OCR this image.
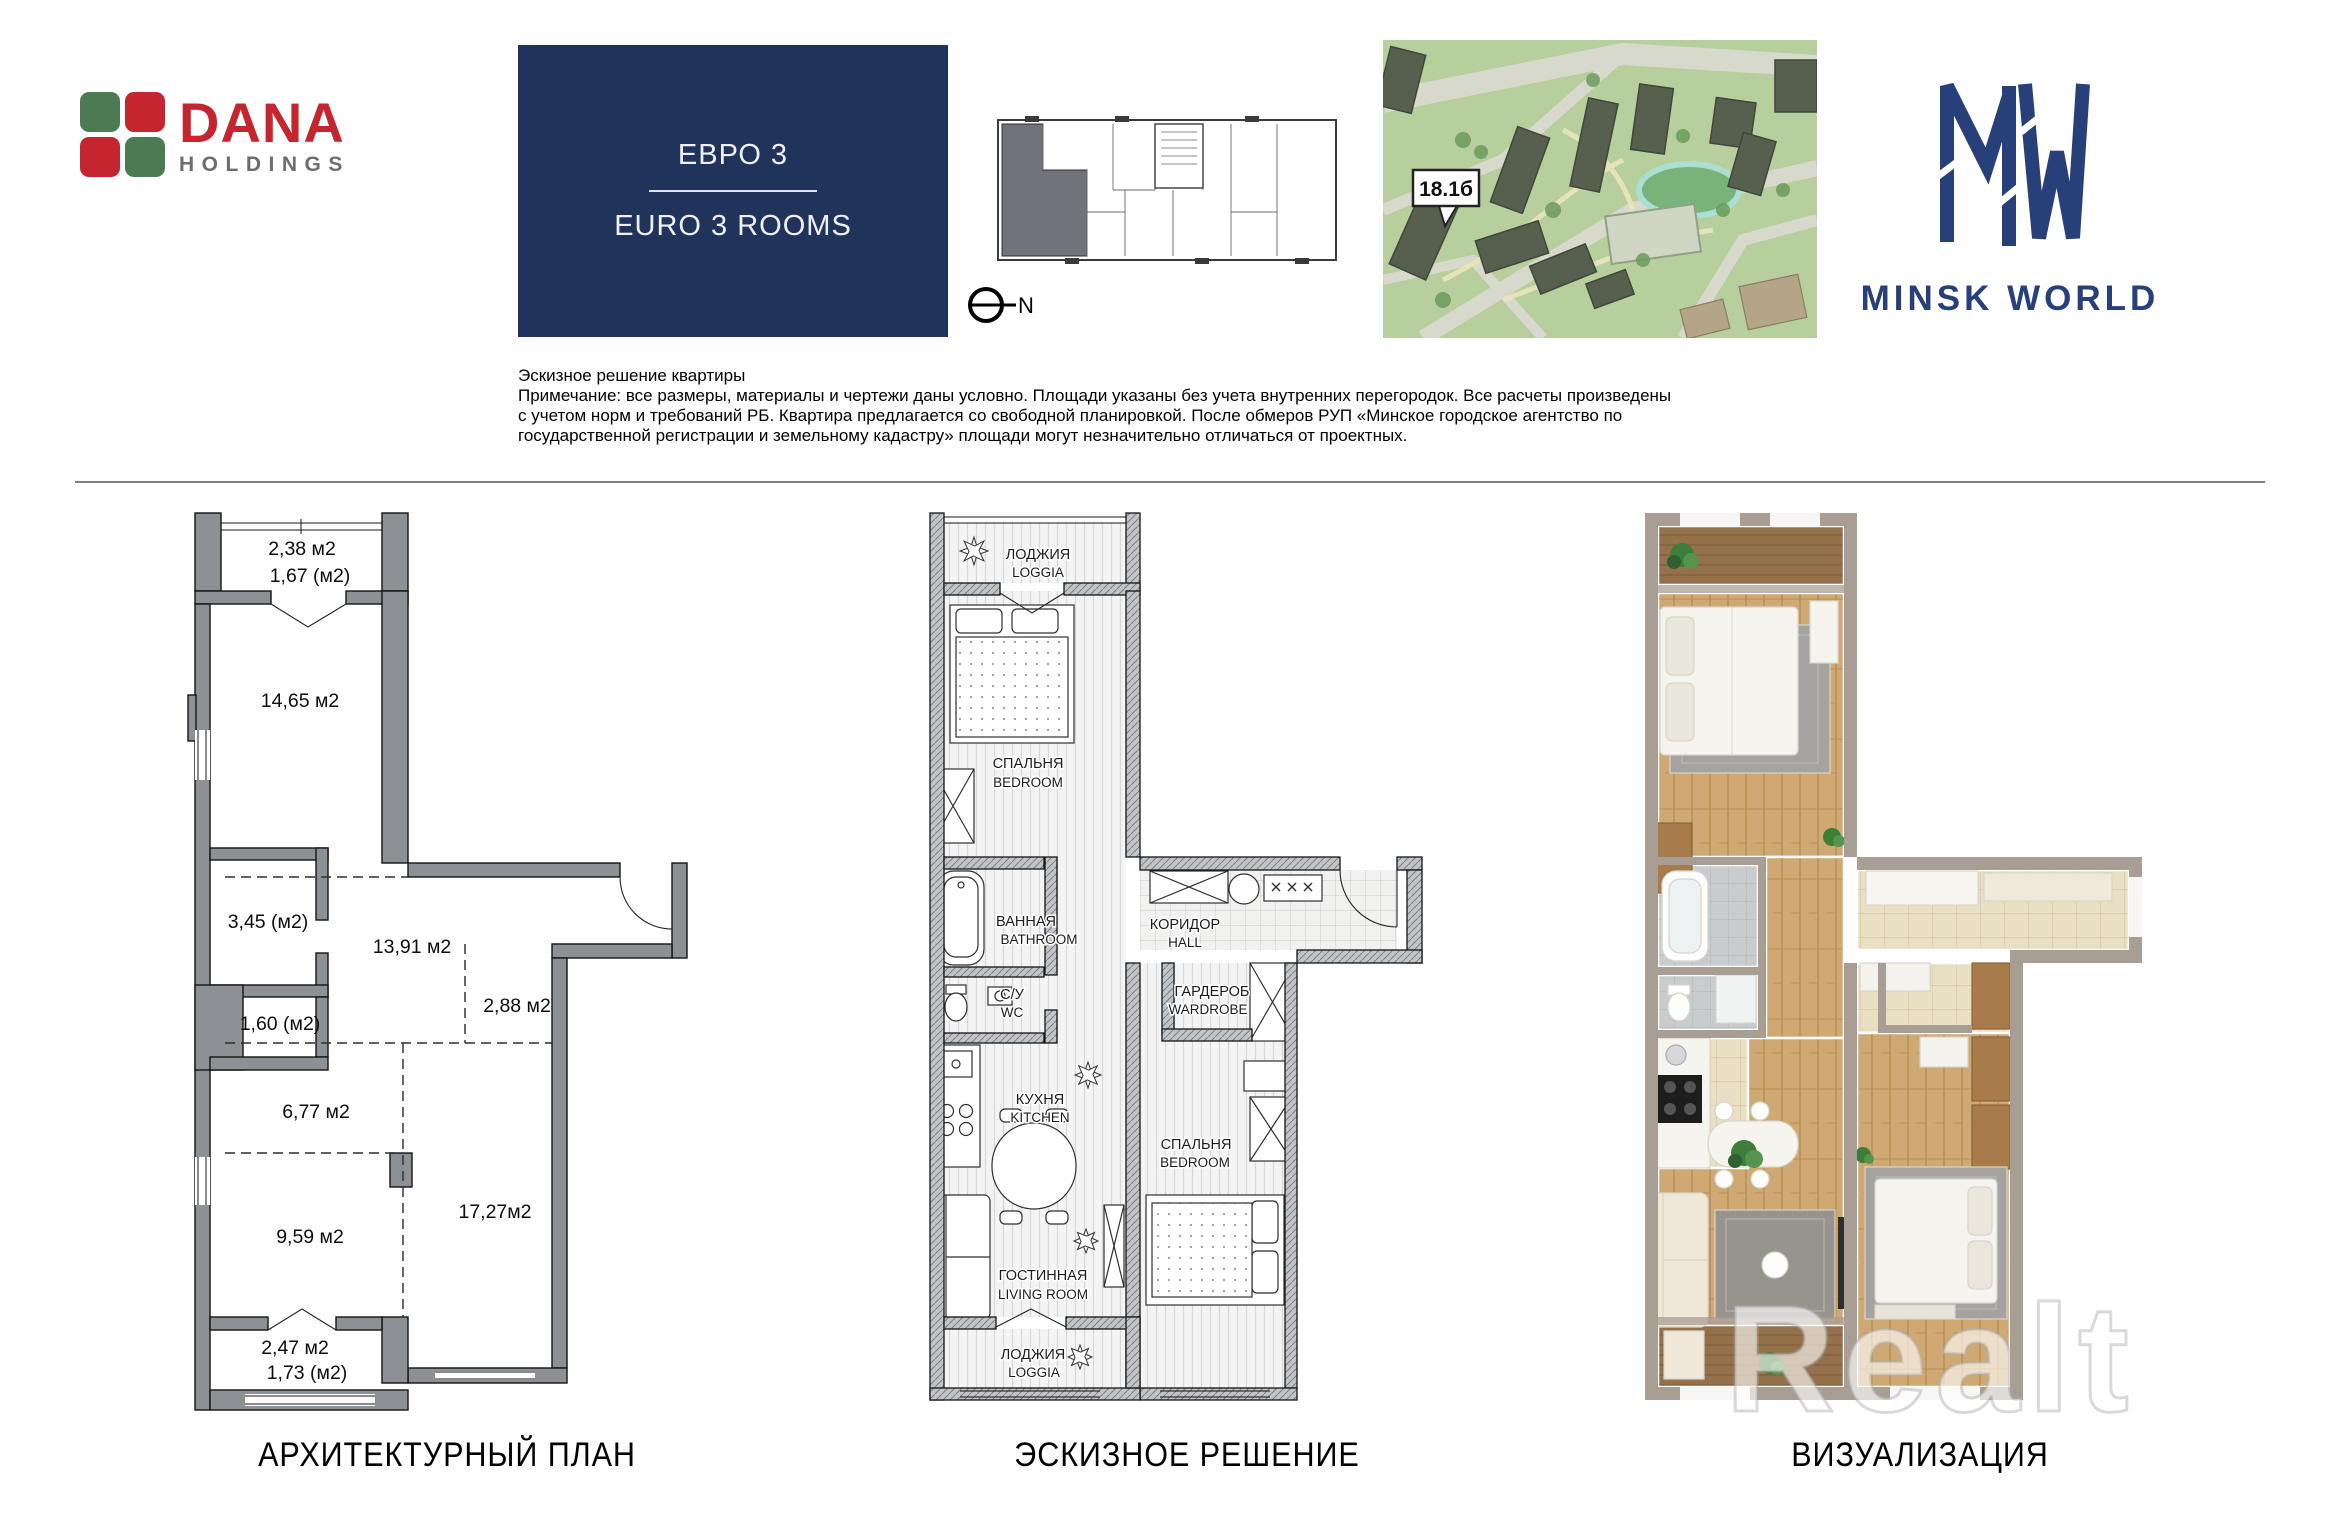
DANA
HOLDINGS	ЕВРО 3
EURO 3 ROOMS
N
18.1б
MINSK WORLD
Эскизное решение квартиры
Примечание: все размеры, материалы и чертежи даны условно. Площади указаны без учета внутренних перегородок. Все расчеты произведены
с учетом норм и требований РБ. Квартира предлагается со свободной планировкой. После обмеров РУП «Минское городское агентство по
государственной регистрации и земельному кадастру» площади могут незначительно отличаться от проектных.
2,38 м2
1,67 (м2)
14,65 м2
3,45 (м2)
13,91 м2
1,60 (м2)
2,88 м2
6,77 м2
9,59 м2
17,27м2
2,47 м2
1,73 (м2)
ЛОДЖИЯ
LOGGIA
СПАЛЬНЯ
BEDROOM
ВАННАЯ
BATHROOM
С/У
WC
КУХНЯ
KITCHEN
КОРИДОР
HALL
ГАРДЕРОБ
WARDROBE
СПАЛЬНЯ
BEDROOM
ГОСТИННАЯ
LIVING ROOM
ЛОДЖИЯ
LOGGIA
АРХИТЕКТУРНЫЙ ПЛАН	ЭСКИЗНОЕ РЕШЕНИЕ	ВИЗУАЛИЗАЦИЯ
Realt
